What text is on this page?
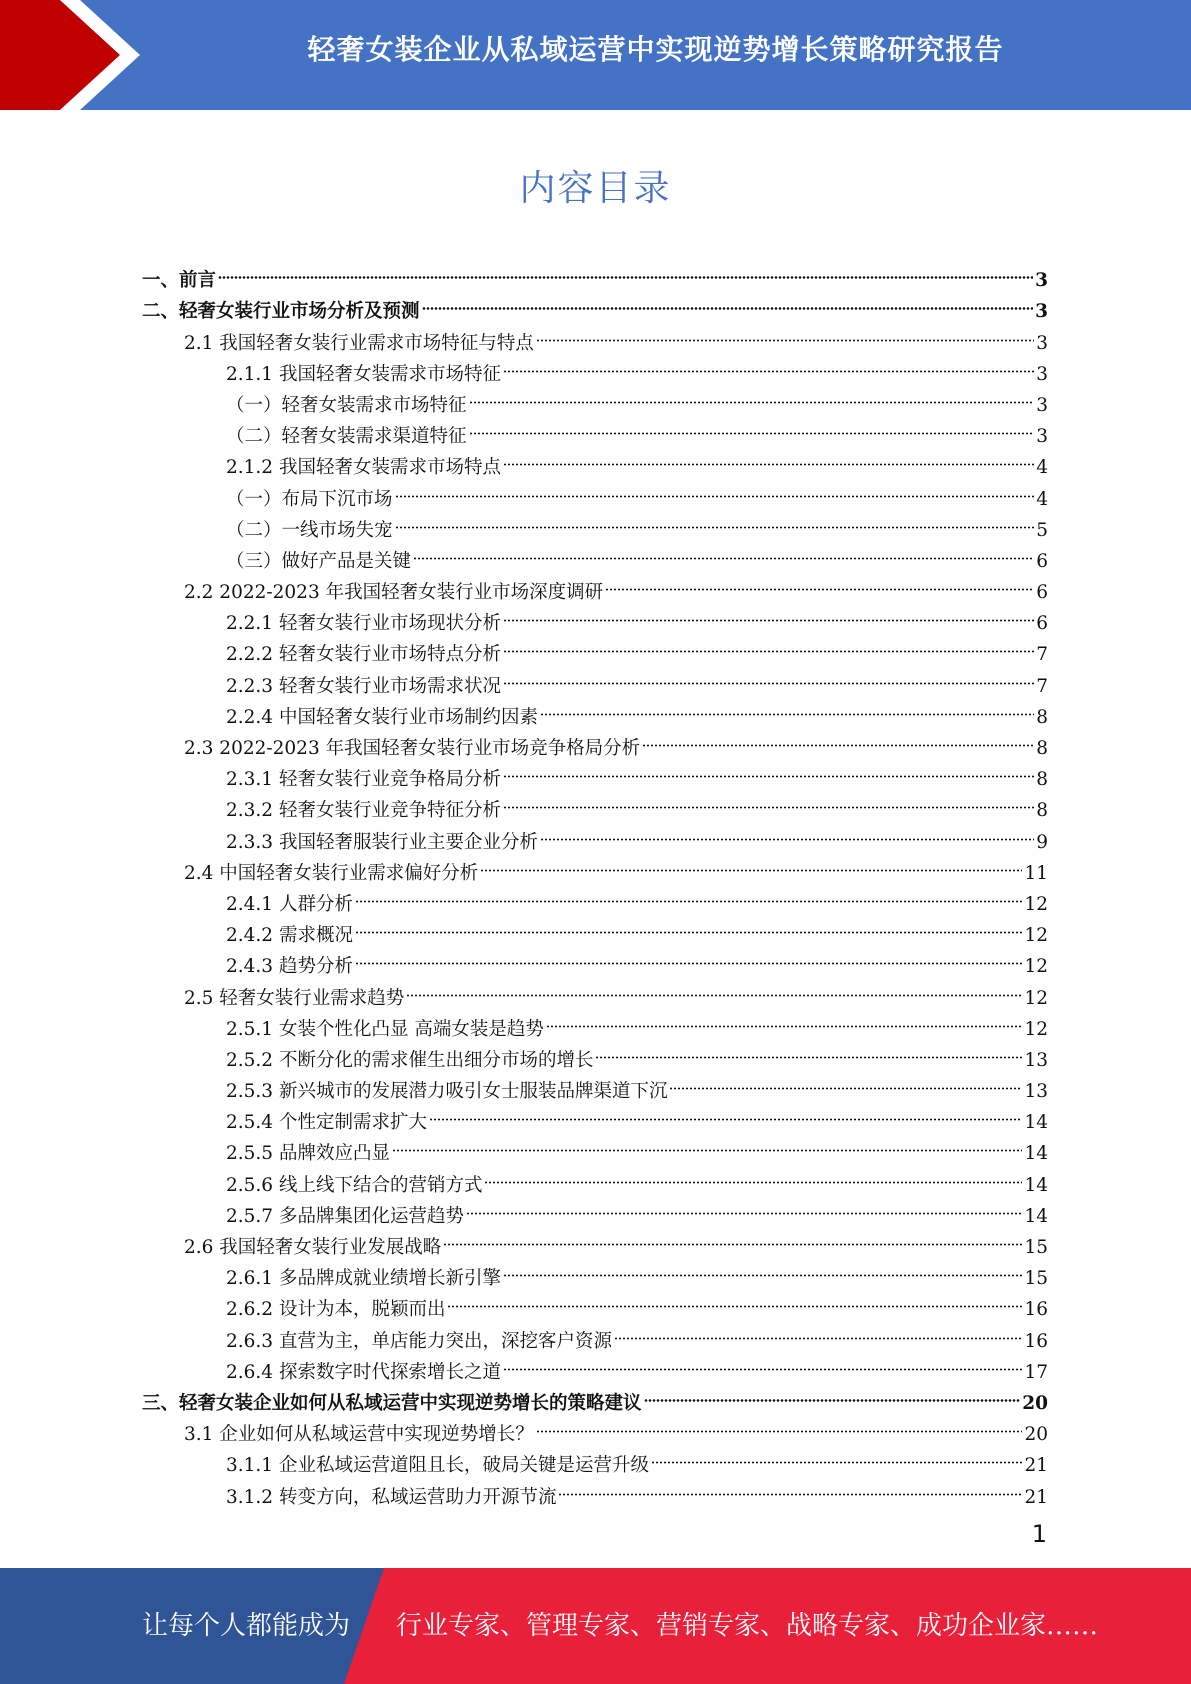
轻奢女装企业从私域运营中实现逆势增长策略研究报告
内容目录
一、前言	3
二、轻奢女装行业市场分析及预测	3
2.1 我国轻奢女装行业需求市场特征与特点	3
2.1.1 我国轻奢女装需求市场特征	3
（一）轻奢女装需求市场特征	3
（二）轻奢女装需求渠道特征	3
2.1.2 我国轻奢女装需求市场特点	4
（一）布局下沉市场	4
（二）一线市场失宠	5
（三）做好产品是关键	6
2.2 2022-2023 年我国轻奢女装行业市场深度调研	6
2.2.1 轻奢女装行业市场现状分析	6
2.2.2 轻奢女装行业市场特点分析	7
2.2.3 轻奢女装行业市场需求状况	7
2.2.4 中国轻奢女装行业市场制约因素	8
2.3 2022-2023 年我国轻奢女装行业市场竞争格局分析	8
2.3.1 轻奢女装行业竞争格局分析	8
2.3.2 轻奢女装行业竞争特征分析	8
2.3.3 我国轻奢服装行业主要企业分析	9
2.4 中国轻奢女装行业需求偏好分析	11
2.4.1 人群分析	12
2.4.2 需求概况	12
2.4.3 趋势分析	12
2.5 轻奢女装行业需求趋势	12
2.5.1 女装个性化凸显 高端女装是趋势	12
2.5.2 不断分化的需求催生出细分市场的增长	13
2.5.3 新兴城市的发展潜力吸引女士服装品牌渠道下沉	13
2.5.4 个性定制需求扩大	14
2.5.5 品牌效应凸显	14
2.5.6 线上线下结合的营销方式	14
2.5.7 多品牌集团化运营趋势	14
2.6 我国轻奢女装行业发展战略	15
2.6.1 多品牌成就业绩增长新引擎	15
2.6.2 设计为本，脱颖而出	16
2.6.3 直营为主，单店能力突出，深挖客户资源	16
2.6.4 探索数字时代探索增长之道	17
三、轻奢女装企业如何从私域运营中实现逆势增长的策略建议	20
3.1 企业如何从私域运营中实现逆势增长？	20
3.1.1 企业私域运营道阻且长，破局关键是运营升级	21
3.1.2 转变方向，私域运营助力开源节流	21
1
让每个人都能成为 行业专家、管理专家、营销专家、战略专家、成功企业家……
